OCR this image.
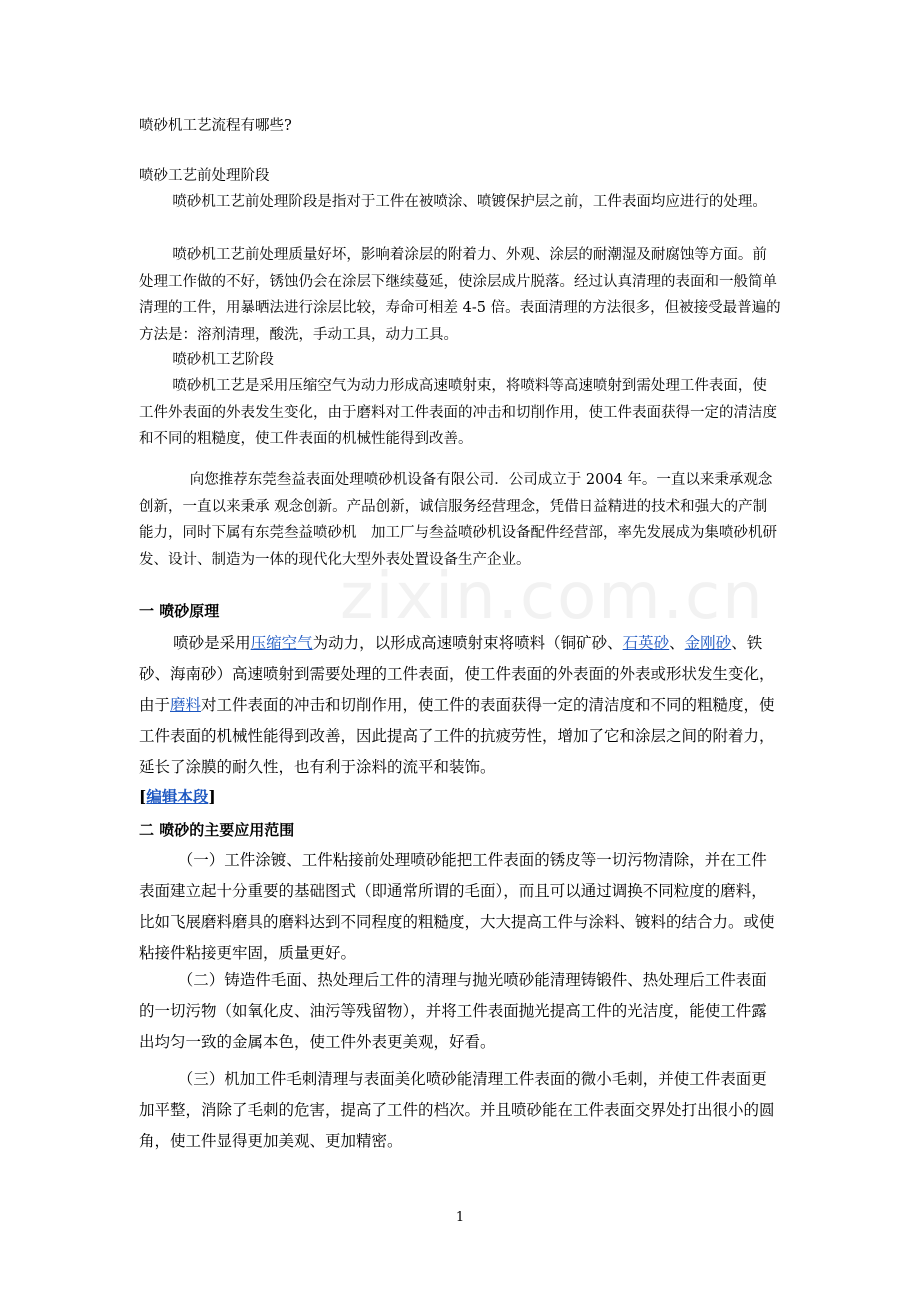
zixin.com.cn
喷砂机工艺流程有哪些?
喷砂工艺前处理阶段
喷砂机工艺前处理阶段是指对于工件在被喷涂、喷镀保护层之前，工件表面均应进行的处理。
喷砂机工艺前处理质量好坏，影响着涂层的附着力、外观、涂层的耐潮湿及耐腐蚀等方面。前处理工作做的不好，锈蚀仍会在涂层下继续蔓延，使涂层成片脱落。经过认真清理的表面和一般简单清理的工件，用暴晒法进行涂层比较，寿命可相差 4-5 倍。表面清理的方法很多，但被接受最普遍的方法是：溶剂清理，酸洗，手动工具，动力工具。
喷砂机工艺阶段
喷砂机工艺是采用压缩空气为动力形成高速喷射束，将喷料等高速喷射到需处理工件表面，使工件外表面的外表发生变化，由于磨料对工件表面的冲击和切削作用，使工件表面获得一定的清洁度和不同的粗糙度，使工件表面的机械性能得到改善。
向您推荐东莞叁益表面处理喷砂机设备有限公司．公司成立于 2004 年。一直以来秉承观念创新，一直以来秉承 观念创新。产品创新，诚信服务经营理念，凭借日益精进的技术和强大的产制能力，同时下属有东莞叁益喷砂机　加工厂与叁益喷砂机设备配件经营部，率先发展成为集喷砂机研发、设计、制造为一体的现代化大型外表处置设备生产企业。
一 喷砂原理
喷砂是采用压缩空气为动力，以形成高速喷射束将喷料（铜矿砂、石英砂、金刚砂、铁砂、海南砂）高速喷射到需要处理的工件表面，使工件表面的外表面的外表或形状发生变化，由于磨料对工件表面的冲击和切削作用，使工件的表面获得一定的清洁度和不同的粗糙度，使工件表面的机械性能得到改善，因此提高了工件的抗疲劳性，增加了它和涂层之间的附着力，延长了涂膜的耐久性，也有利于涂料的流平和装饰。
[编辑本段]
二 喷砂的主要应用范围
（一）工件涂镀、工件粘接前处理喷砂能把工件表面的锈皮等一切污物清除，并在工件表面建立起十分重要的基础图式（即通常所谓的毛面），而且可以通过调换不同粒度的磨料，比如飞展磨料磨具的磨料达到不同程度的粗糙度，大大提高工件与涂料、镀料的结合力。或使粘接件粘接更牢固，质量更好。
（二）铸造件毛面、热处理后工件的清理与抛光喷砂能清理铸锻件、热处理后工件表面的一切污物（如氧化皮、油污等残留物），并将工件表面抛光提高工件的光洁度，能使工件露出均匀一致的金属本色，使工件外表更美观，好看。
（三）机加工件毛刺清理与表面美化喷砂能清理工件表面的微小毛刺，并使工件表面更加平整，消除了毛刺的危害，提高了工件的档次。并且喷砂能在工件表面交界处打出很小的圆角，使工件显得更加美观、更加精密。
1
